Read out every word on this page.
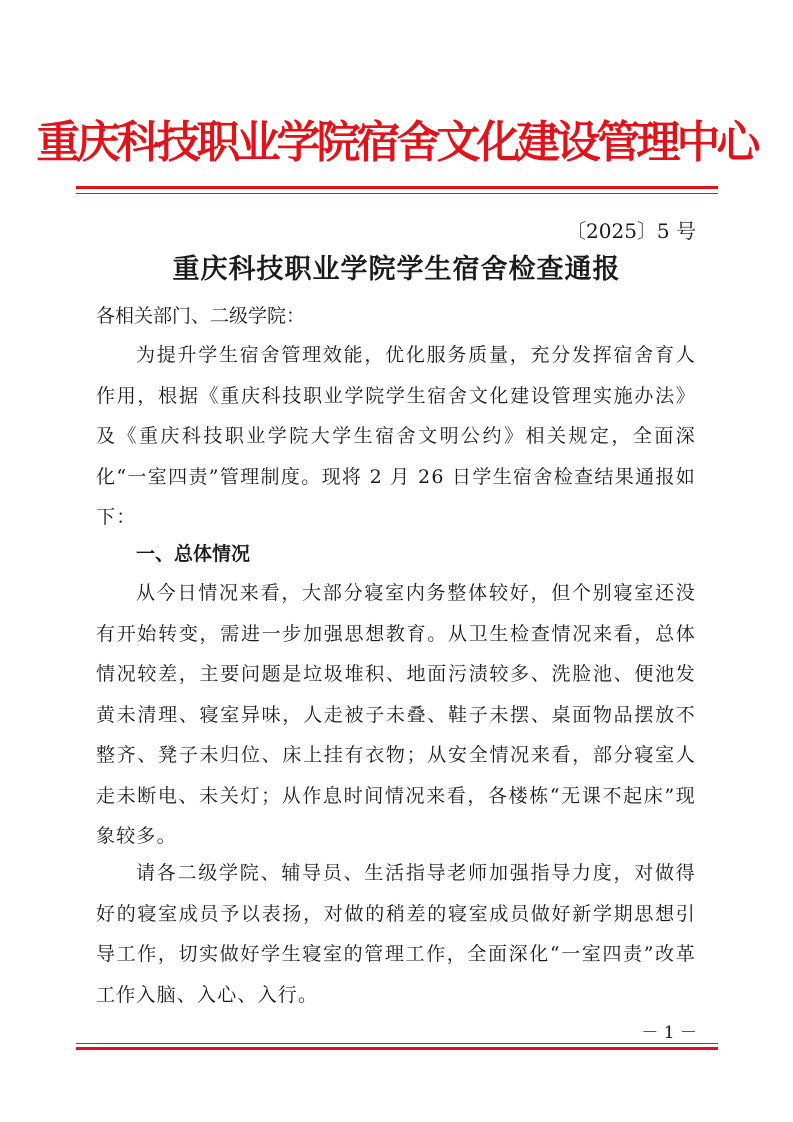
重庆科技职业学院宿舍文化建设管理中心
〔2025〕5 号
重庆科技职业学院学生宿舍检查通报
各相关部门、二级学院：

为提升学生宿舍管理效能，优化服务质量，充分发挥宿舍育人作用，根据《重庆科技职业学院学生宿舍文化建设管理实施办法》及《重庆科技职业学院大学生宿舍文明公约》相关规定，全面深化“一室四责”管理制度。现将 2 月 26 日学生宿舍检查结果通报如下：

一、总体情况

从今日情况来看，大部分寝室内务整体较好，但个别寝室还没有开始转变，需进一步加强思想教育。从卫生检查情况来看，总体情况较差，主要问题是垃圾堆积、地面污渍较多、洗脸池、便池发黄未清理、寝室异味，人走被子未叠、鞋子未摆、桌面物品摆放不整齐、凳子未归位、床上挂有衣物；从安全情况来看，部分寝室人走未断电、未关灯；从作息时间情况来看，各楼栋“无课不起床”现象较多。

请各二级学院、辅导员、生活指导老师加强指导力度，对做得好的寝室成员予以表扬，对做的稍差的寝室成员做好新学期思想引导工作，切实做好学生寝室的管理工作，全面深化“一室四责”改革工作入脑、入心、入行。

－ 1 －
